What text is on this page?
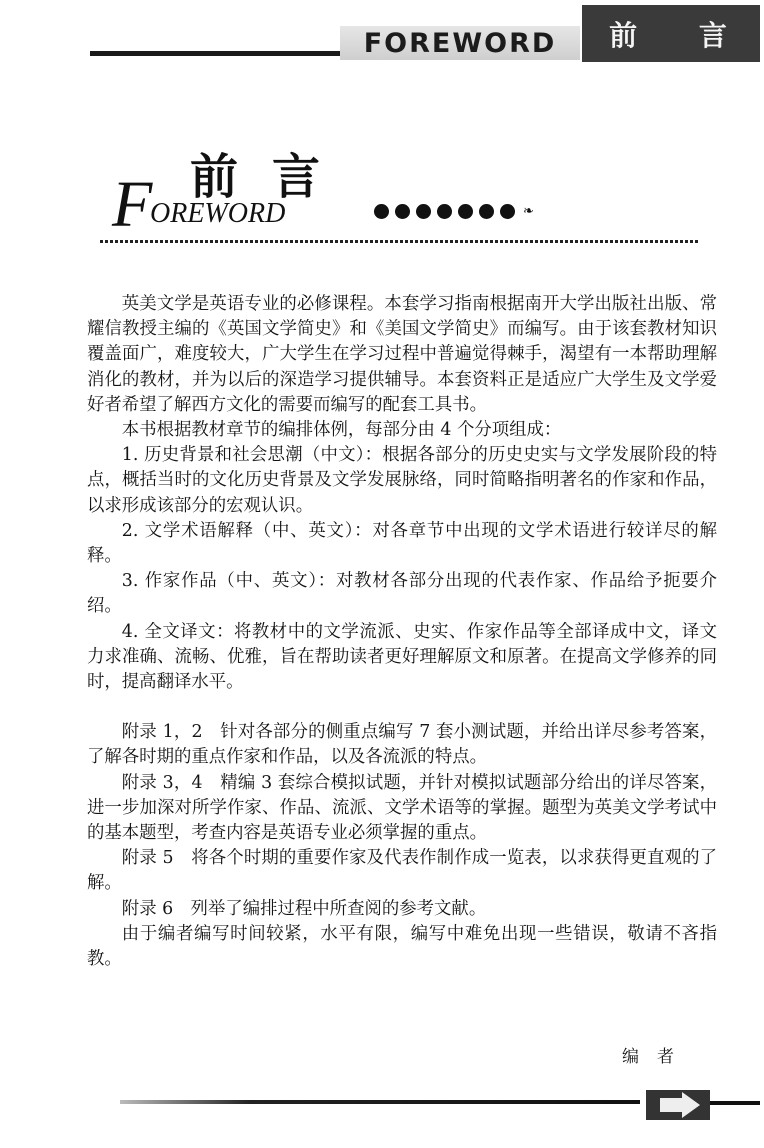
FOREWORD	前 言
前言
F
OREWORD	❧

英美文学是英语专业的必修课程。本套学习指南根据南开大学出版社出版、常耀信教授主编的《英国文学简史》和《美国文学简史》而编写。由于该套教材知识覆盖面广，难度较大，广大学生在学习过程中普遍觉得棘手，渴望有一本帮助理解消化的教材，并为以后的深造学习提供辅导。本套资料正是适应广大学生及文学爱好者希望了解西方文化的需要而编写的配套工具书。

本书根据教材章节的编排体例，每部分由 4 个分项组成：

1. 历史背景和社会思潮（中文）：根据各部分的历史史实与文学发展阶段的特点，概括当时的文化历史背景及文学发展脉络，同时简略指明著名的作家和作品，以求形成该部分的宏观认识。

2. 文学术语解释（中、英文）：对各章节中出现的文学术语进行较详尽的解释。

3. 作家作品（中、英文）：对教材各部分出现的代表作家、作品给予扼要介绍。

4. 全文译文：将教材中的文学流派、史实、作家作品等全部译成中文，译文力求准确、流畅、优雅，旨在帮助读者更好理解原文和原著。在提高文学修养的同时，提高翻译水平。

附录 1，2　针对各部分的侧重点编写 7 套小测试题，并给出详尽参考答案，了解各时期的重点作家和作品，以及各流派的特点。

附录 3，4　精编 3 套综合模拟试题，并针对模拟试题部分给出的详尽答案，进一步加深对所学作家、作品、流派、文学术语等的掌握。题型为英美文学考试中的基本题型，考查内容是英语专业必须掌握的重点。

附录 5　将各个时期的重要作家及代表作制作成一览表，以求获得更直观的了解。

附录 6　列举了编排过程中所查阅的参考文献。

由于编者编写时间较紧，水平有限，编写中难免出现一些错误，敬请不吝指教。

编者
